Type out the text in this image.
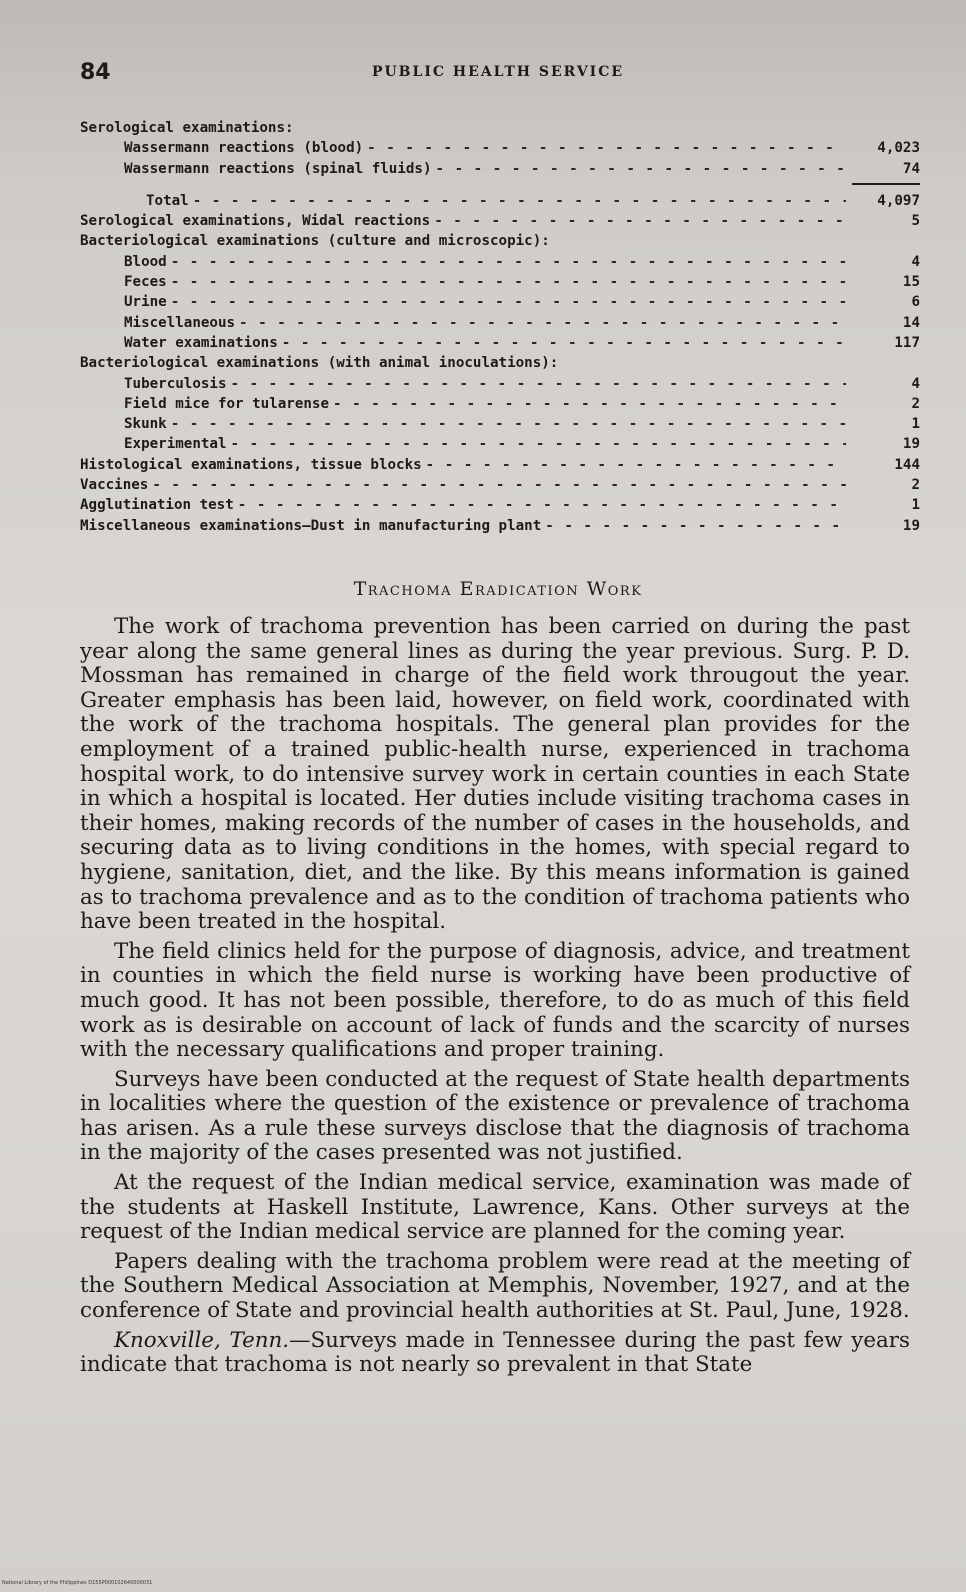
84	PUBLIC HEALTH SERVICE
Serological examinations:
Wassermann reactions (blood) - - -	4,023
Wassermann reactions (spinal fluids) - - -	74
Total - - -	4,097
Serological examinations, Widal reactions - - -	5
Bacteriological examinations (culture and microscopic):
Blood - - -	4
Feces - - -	15
Urine - - -	6
Miscellaneous - - -	14
Water examinations - - -	117
Bacteriological examinations (with animal inoculations):
Tuberculosis - - -	4
Field mice for tularense - - -	2
Skunk - - -	1
Experimental - - -	19
Histological examinations, tissue blocks - - -	144
Vaccines - - -	2
Agglutination test - - -	1
Miscellaneous examinations—Dust in manufacturing plant - - -	19
Trachoma Eradication Work

The work of trachoma prevention has been carried on during the past year along the same general lines as during the year previous. Surg. P. D. Mossman has remained in charge of the field work througout the year. Greater emphasis has been laid, however, on field work, coordinated with the work of the trachoma hospitals. The general plan provides for the employment of a trained public-health nurse, experienced in trachoma hospital work, to do intensive survey work in certain counties in each State in which a hospital is located. Her duties include visiting trachoma cases in their homes, making records of the number of cases in the households, and securing data as to living conditions in the homes, with special regard to hygiene, sanitation, diet, and the like. By this means information is gained as to trachoma prevalence and as to the condition of trachoma patients who have been treated in the hospital.

The field clinics held for the purpose of diagnosis, advice, and treatment in counties in which the field nurse is working have been productive of much good. It has not been possible, therefore, to do as much of this field work as is desirable on account of lack of funds and the scarcity of nurses with the necessary qualifications and proper training.

Surveys have been conducted at the request of State health departments in localities where the question of the existence or prevalence of trachoma has arisen. As a rule these surveys disclose that the diagnosis of trachoma in the majority of the cases presented was not justified.

At the request of the Indian medical service, examination was made of the students at Haskell Institute, Lawrence, Kans. Other surveys at the request of the Indian medical service are planned for the coming year.

Papers dealing with the trachoma problem were read at the meeting of the Southern Medical Association at Memphis, November, 1927, and at the conference of State and provincial health authorities at St. Paul, June, 1928.

Knoxville, Tenn.—Surveys made in Tennessee during the past few years indicate that trachoma is not nearly so prevalent in that State

National Library of the Philippines D155P000102640000031
